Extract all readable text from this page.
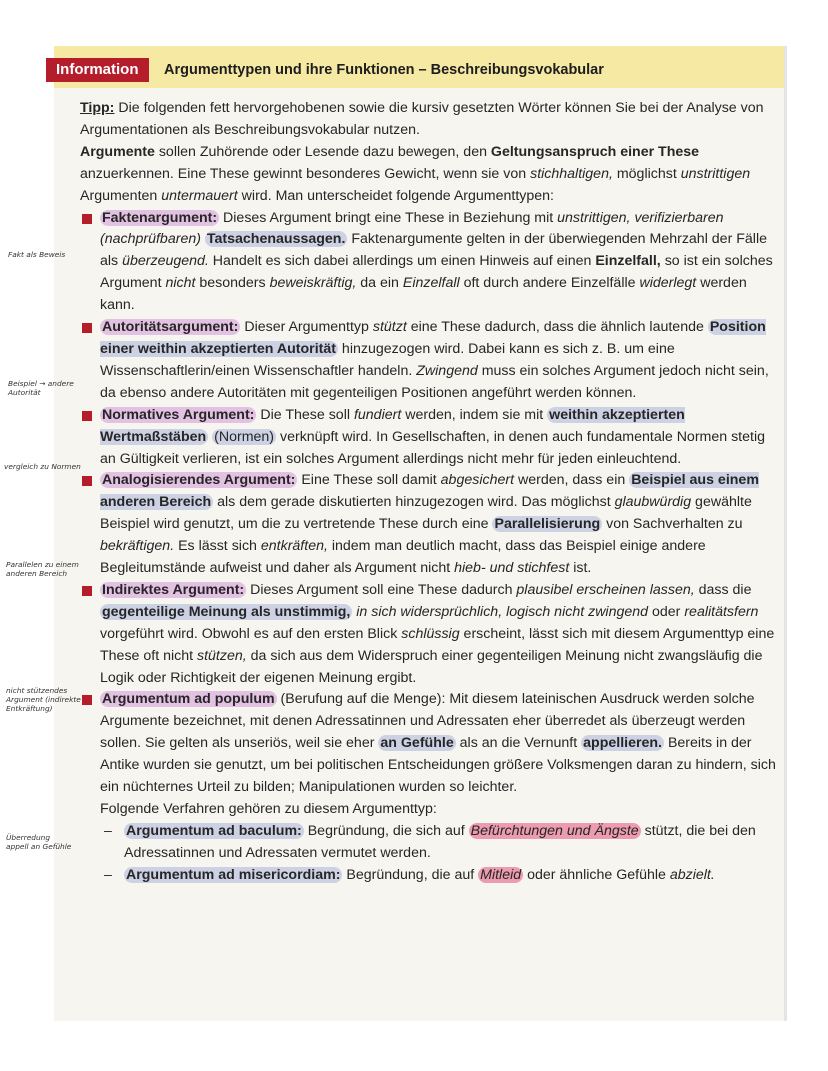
Information	Argumenttypen und ihre Funktionen – Beschreibungsvokabular

Tipp: Die folgenden fett hervorgehobenen sowie die kursiv gesetzten Wörter können Sie bei der Analyse von Argumentationen als Beschreibungsvokabular nutzen.

Argumente sollen Zuhörende oder Lesende dazu bewegen, den Geltungsanspruch einer These anzuerkennen. Eine These gewinnt besonderes Gewicht, wenn sie von stichhaltigen, möglichst unstrittigen Argumenten untermauert wird. Man unterscheidet folgende Argumenttypen:

Faktenargument: Dieses Argument bringt eine These in Beziehung mit unstrittigen, verifizierbaren (nachprüfbaren) Tatsachenaussagen. Faktenargumente gelten in der überwiegenden Mehrzahl der Fälle als überzeugend. Handelt es sich dabei allerdings um einen Hinweis auf einen Einzelfall, so ist ein solches Argument nicht besonders beweiskräftig, da ein Einzelfall oft durch andere Einzelfälle widerlegt werden kann.
Autoritätsargument: Dieser Argumenttyp stützt eine These dadurch, dass die ähnlich lautende Position einer weithin akzeptierten Autorität hinzugezogen wird. Dabei kann es sich z. B. um eine Wissenschaftlerin/einen Wissenschaftler handeln. Zwingend muss ein solches Argument jedoch nicht sein, da ebenso andere Autoritäten mit gegenteiligen Positionen angeführt werden können.
Normatives Argument: Die These soll fundiert werden, indem sie mit weithin akzeptierten Wertmaßstäben (Normen) verknüpft wird. In Gesellschaften, in denen auch fundamentale Normen stetig an Gültigkeit verlieren, ist ein solches Argument allerdings nicht mehr für jeden einleuchtend.
Analogisierendes Argument: Eine These soll damit abgesichert werden, dass ein Beispiel aus einem anderen Bereich als dem gerade diskutierten hinzugezogen wird. Das möglichst glaubwürdig gewählte Beispiel wird genutzt, um die zu vertretende These durch eine Parallelisierung von Sachverhalten zu bekräftigen. Es lässt sich entkräften, indem man deutlich macht, dass das Beispiel einige andere Begleitumstände aufweist und daher als Argument nicht hieb- und stichfest ist.
Indirektes Argument: Dieses Argument soll eine These dadurch plausibel erscheinen lassen, dass die gegenteilige Meinung als unstimmig, in sich widersprüchlich, logisch nicht zwingend oder realitätsfern vorgeführt wird. Obwohl es auf den ersten Blick schlüssig erscheint, lässt sich mit diesem Argumenttyp eine These oft nicht stützen, da sich aus dem Widerspruch einer gegenteiligen Meinung nicht zwangsläufig die Logik oder Richtigkeit der eigenen Meinung ergibt.
Argumentum ad populum (Berufung auf die Menge): Mit diesem lateinischen Ausdruck werden solche Argumente bezeichnet, mit denen Adressatinnen und Adressaten eher überredet als überzeugt werden sollen. Sie gelten als unseriös, weil sie eher an Gefühle als an die Vernunft appellieren. Bereits in der Antike wurden sie genutzt, um bei politischen Entscheidungen größere Volksmengen daran zu hindern, sich ein nüchternes Urteil zu bilden; Manipulationen wurden so leichter.
Folgende Verfahren gehören zu diesem Argumenttyp:
– Argumentum ad baculum: Begründung, die sich auf Befürchtungen und Ängste stützt, die bei den Adressatinnen und Adressaten vermutet werden.
– Argumentum ad misericordiam: Begründung, die auf Mitleid oder ähnliche Gefühle abzielt.
Fakt als Beweis
Beispiel → andere
Autorität
vergleich zu Normen
Parallelen zu einem
anderen Bereich
nicht stützendes
Argument (indirekte
Entkräftung)
Überredung
appell an Gefühle
